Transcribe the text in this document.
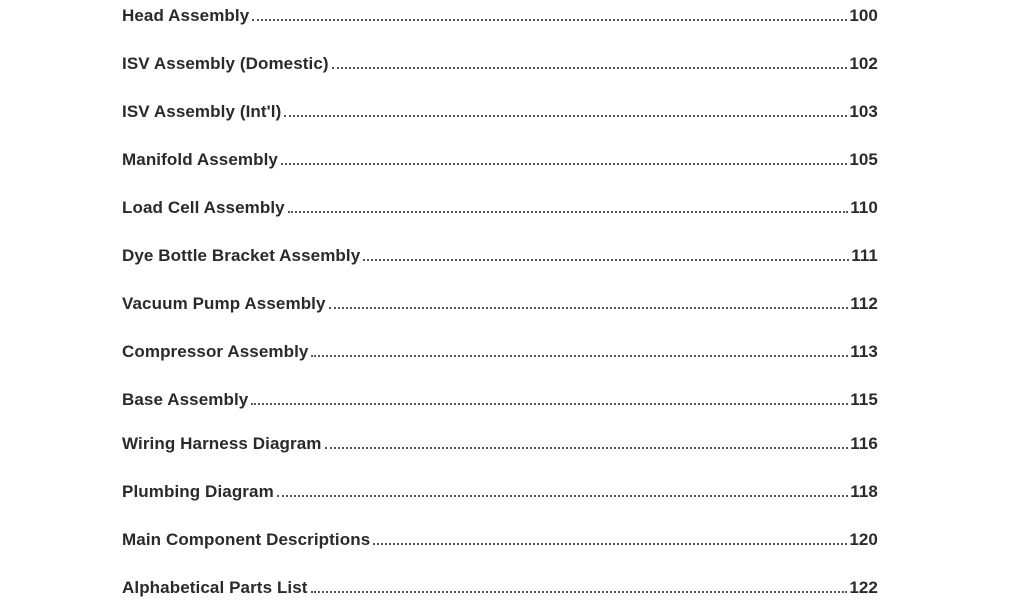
Head Assembly	100
ISV Assembly (Domestic)	102
ISV Assembly (Int'l)	103
Manifold Assembly	105
Load Cell Assembly	110
Dye Bottle Bracket Assembly	111
Vacuum Pump Assembly	112
Compressor Assembly	113
Base Assembly	115
Wiring Harness Diagram	116
Plumbing Diagram	118
Main Component Descriptions	120
Alphabetical Parts List	122
